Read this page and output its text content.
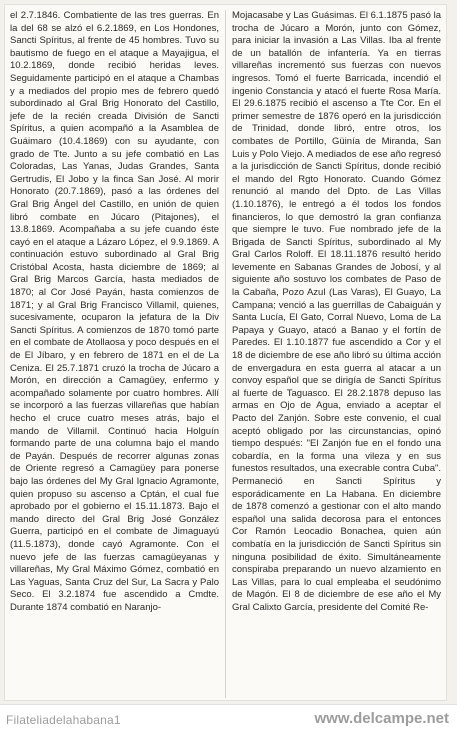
el 2.7.1846. Combatiente de las tres guerras. En la del 68 se alzó el 6.2.1869, en Los Hondones, Sancti Spíritus, al frente de 45 hombres. Tuvo su bautismo de fuego en el ataque a Mayajigua, el 10.2.1869, donde recibió heridas leves. Seguidamente participó en el ataque a Chambas y a mediados del propio mes de febrero quedó subordinado al Gral Brig Honorato del Castillo, jefe de la recién creada División de Sancti Spíritus, a quien acompañó a la Asamblea de Guáimaro (10.4.1869) con su ayudante, con grado de Tte. Junto a su jefe combatió en Las Coloradas, Las Yanas, Judas Grandes, Santa Gertrudis, El Jobo y la finca San José. Al morir Honorato (20.7.1869), pasó a las órdenes del Gral Brig Ángel del Castillo, en unión de quien libró combate en Júcaro (Pitajones), el 13.8.1869. Acompañaba a su jefe cuando éste cayó en el ataque a Lázaro López, el 9.9.1869. A continuación estuvo subordinado al Gral Brig Cristóbal Acosta, hasta diciembre de 1869; al Gral Brig Marcos García, hasta mediados de 1870; al Cor José Payán, hasta comienzos de 1871; y al Gral Brig Francisco Villamil, quienes, sucesivamente, ocuparon la jefatura de la Div Sancti Spíritus. A comienzos de 1870 tomó parte en el combate de Atollaosa y poco después en el de El Jíbaro, y en febrero de 1871 en el de La Ceniza. El 25.7.1871 cruzó la trocha de Júcaro a Morón, en dirección a Camagüey, enfermo y acompañado solamente por cuatro hombres. Allí se incorporó a las fuerzas villareñas que habían hecho el cruce cuatro meses atrás, bajo el mando de Villamil. Continuó hacia Holguín formando parte de una columna bajo el mando de Payán. Después de recorrer algunas zonas de Oriente regresó a Camagüey para ponerse bajo las órdenes del My Gral Ignacio Agramonte, quien propuso su ascenso a Cptán, el cual fue aprobado por el gobierno el 15.11.1873. Bajo el mando directo del Gral Brig José González Guerra, participó en el combate de Jimaguayú (11.5.1873), donde cayó Agramonte. Con el nuevo jefe de las fuerzas camagüeyanas y villareñas, My Gral Máximo Gómez, combatió en Las Yaguas, Santa Cruz del Sur, La Sacra y Palo Seco. El 3.2.1874 fue ascendido a Cmdte. Durante 1874 combatió en Naranjo-

Mojacasabe y Las Guásimas. El 6.1.1875 pasó la trocha de Júcaro a Morón, junto con Gómez, para iniciar la invasión a Las Villas. Iba al frente de un batallón de infantería. Ya en tierras villareñas incrementó sus fuerzas con nuevos ingresos. Tomó el fuerte Barricada, incendió el ingenio Constancia y atacó el fuerte Rosa María. El 29.6.1875 recibió el ascenso a Tte Cor. En el primer semestre de 1876 operó en la jurisdicción de Trinidad, donde libró, entre otros, los combates de Portillo, Güinía de Miranda, San Luis y Polo Viejo. A mediados de ese año regresó a la jurisdicción de Sancti Spíritus, donde recibió el mando del Rgto Honorato. Cuando Gómez renunció al mando del Dpto. de Las Villas (1.10.1876), le entregó a él todos los fondos financieros, lo que demostró la gran confianza que siempre le tuvo. Fue nombrado jefe de la Brigada de Sancti Spíritus, subordinado al My Gral Carlos Roloff. El 18.11.1876 resultó herido levemente en Sabanas Grandes de Jobosí, y al siguiente año sostuvo los combates de Paso de la Cabaña, Pozo Azul (Las Varas), El Guayo, La Campana; venció a las guerrillas de Cabaiguán y Santa Lucía, El Gato, Corral Nuevo, Loma de La Papaya y Guayo, atacó a Banao y el fortín de Paredes. El 1.10.1877 fue ascendido a Cor y el 18 de diciembre de ese año libró su última acción de envergadura en esta guerra al atacar a un convoy español que se dirigía de Sancti Spíritus al fuerte de Taguasco. El 28.2.1878 depuso las armas en Ojo de Agua, enviado a aceptar el Pacto del Zanjón. Sobre este convenio, el cual aceptó obligado por las circunstancias, opinó tiempo después: "El Zanjón fue en el fondo una cobardía, en la forma una vileza y en sus funestos resultados, una execrable contra Cuba". Permaneció en Sancti Spíritus y esporádicamente en La Habana. En diciembre de 1878 comenzó a gestionar con el alto mando español una salida decorosa para el entonces Cor Ramón Leocadio Bonachea, quien aún combatía en la jurisdicción de Sancti Spíritus sin ninguna posibilidad de éxito. Simultáneamente conspiraba preparando un nuevo alzamiento en Las Villas, para lo cual empleaba el seudónimo de Magón. El 8 de diciembre de ese año el My Gral Calixto García, presidente del Comité Re-

Filateliadelahabana1	www.delcampe.net
